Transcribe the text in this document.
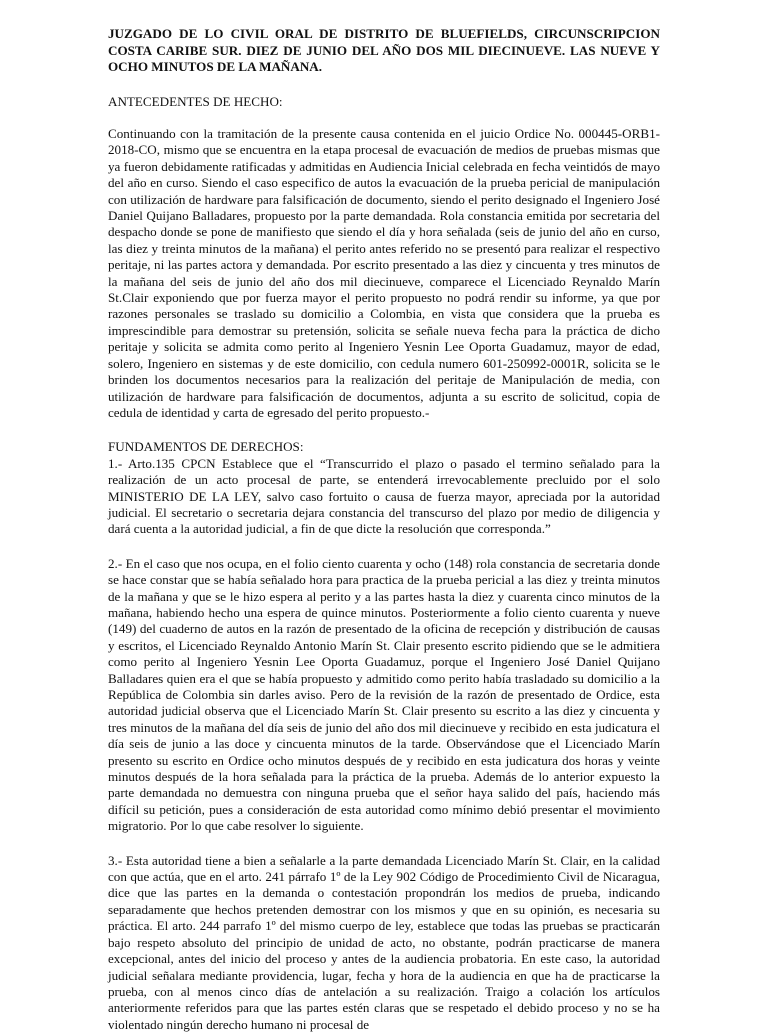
JUZGADO DE LO CIVIL ORAL DE DISTRITO DE BLUEFIELDS, CIRCUNSCRIPCION COSTA CARIBE SUR. DIEZ DE JUNIO DEL AÑO DOS MIL DIECINUEVE. LAS NUEVE Y OCHO MINUTOS DE LA MAÑANA.

ANTECEDENTES DE HECHO:

Continuando con la tramitación de la presente causa contenida en el juicio Ordice No. 000445-ORB1-2018-CO, mismo que se encuentra en la etapa procesal de evacuación de medios de pruebas mismas que ya fueron debidamente ratificadas y admitidas en Audiencia Inicial celebrada en fecha veintidós de mayo del año en curso. Siendo el caso especifico de autos la evacuación de la prueba pericial de manipulación con utilización de hardware para falsificación de documento, siendo el perito designado el Ingeniero José Daniel Quijano Balladares, propuesto por la parte demandada. Rola constancia emitida por secretaria del despacho donde se pone de manifiesto que siendo el día y hora señalada (seis de junio del año en curso, las diez y treinta minutos de la mañana) el perito antes referido no se presentó para realizar el respectivo peritaje, ni las partes actora y demandada. Por escrito presentado a las diez y cincuenta y tres minutos de la mañana del seis de junio del año dos mil diecinueve, comparece el Licenciado Reynaldo Marín St.Clair exponiendo que por fuerza mayor el perito propuesto no podrá rendir su informe, ya que por razones personales se traslado su domicilio a Colombia, en vista que considera que la prueba es imprescindible para demostrar su pretensión, solicita se señale nueva fecha para la práctica de dicho peritaje y solicita se admita como perito al Ingeniero Yesnin Lee Oporta Guadamuz, mayor de edad, solero, Ingeniero en sistemas y de este domicilio, con cedula numero 601-250992-0001R, solicita se le brinden los documentos necesarios para la realización del peritaje de Manipulación de media, con utilización de hardware para falsificación de documentos, adjunta a su escrito de solicitud, copia de cedula de identidad y carta de egresado del perito propuesto.-

FUNDAMENTOS DE DERECHOS:

1.- Arto.135 CPCN Establece que el “Transcurrido el plazo o pasado el termino señalado para la realización de un acto procesal de parte, se entenderá irrevocablemente precluido por el solo MINISTERIO DE LA LEY, salvo caso fortuito o causa de fuerza mayor, apreciada por la autoridad judicial. El secretario o secretaria dejara constancia del transcurso del plazo por medio de diligencia y dará cuenta a la autoridad judicial, a fin de que dicte la resolución que corresponda.”

2.- En el caso que nos ocupa, en el folio ciento cuarenta y ocho (148) rola constancia de secretaria donde se hace constar que se había señalado hora para practica de la prueba pericial a las diez y treinta minutos de la mañana y que se le hizo espera al perito y a las partes hasta la diez y cuarenta cinco minutos de la mañana, habiendo hecho una espera de quince minutos. Posteriormente a folio ciento cuarenta y nueve (149) del cuaderno de autos en la razón de presentado de la oficina de recepción y distribución de causas y escritos, el Licenciado Reynaldo Antonio Marín St. Clair presento escrito pidiendo que se le admitiera como perito al Ingeniero Yesnin Lee Oporta Guadamuz, porque el Ingeniero José Daniel Quijano Balladares quien era el que se había propuesto y admitido como perito había trasladado su domicilio a la República de Colombia sin darles aviso. Pero de la revisión de la razón de presentado de Ordice, esta autoridad judicial observa que el Licenciado Marín St. Clair presento su escrito a las diez y cincuenta y tres minutos de la mañana del día seis de junio del año dos mil diecinueve y recibido en esta judicatura el día seis de junio a las doce y cincuenta minutos de la tarde. Observándose que el Licenciado Marín presento su escrito en Ordice ocho minutos después de y recibido en esta judicatura dos horas y veinte minutos después de la hora señalada para la práctica de la prueba. Además de lo anterior expuesto la parte demandada no demuestra con ninguna prueba que el señor haya salido del país, haciendo más difícil su petición, pues a consideración de esta autoridad como mínimo debió presentar el movimiento migratorio. Por lo que cabe resolver lo siguiente.

3.- Esta autoridad tiene a bien a señalarle a la parte demandada Licenciado Marín St. Clair, en la calidad con que actúa, que en el arto. 241 párrafo 1º de la Ley 902 Código de Procedimiento Civil de Nicaragua, dice que las partes en la demanda o contestación propondrán los medios de prueba, indicando separadamente que hechos pretenden demostrar con los mismos y que en su opinión, es necesaria su práctica. El arto. 244 parrafo 1º del mismo cuerpo de ley, establece que todas las pruebas se practicarán bajo respeto absoluto del principio de unidad de acto, no obstante, podrán practicarse de manera excepcional, antes del inicio del proceso y antes de la audiencia probatoria. En este caso, la autoridad judicial señalara mediante providencia, lugar, fecha y hora de la audiencia en que ha de practicarse la prueba, con al menos cinco días de antelación a su realización. Traigo a colación los artículos anteriormente referidos para que las partes estén claras que se respetado el debido proceso y no se ha violentado ningún derecho humano ni procesal de
